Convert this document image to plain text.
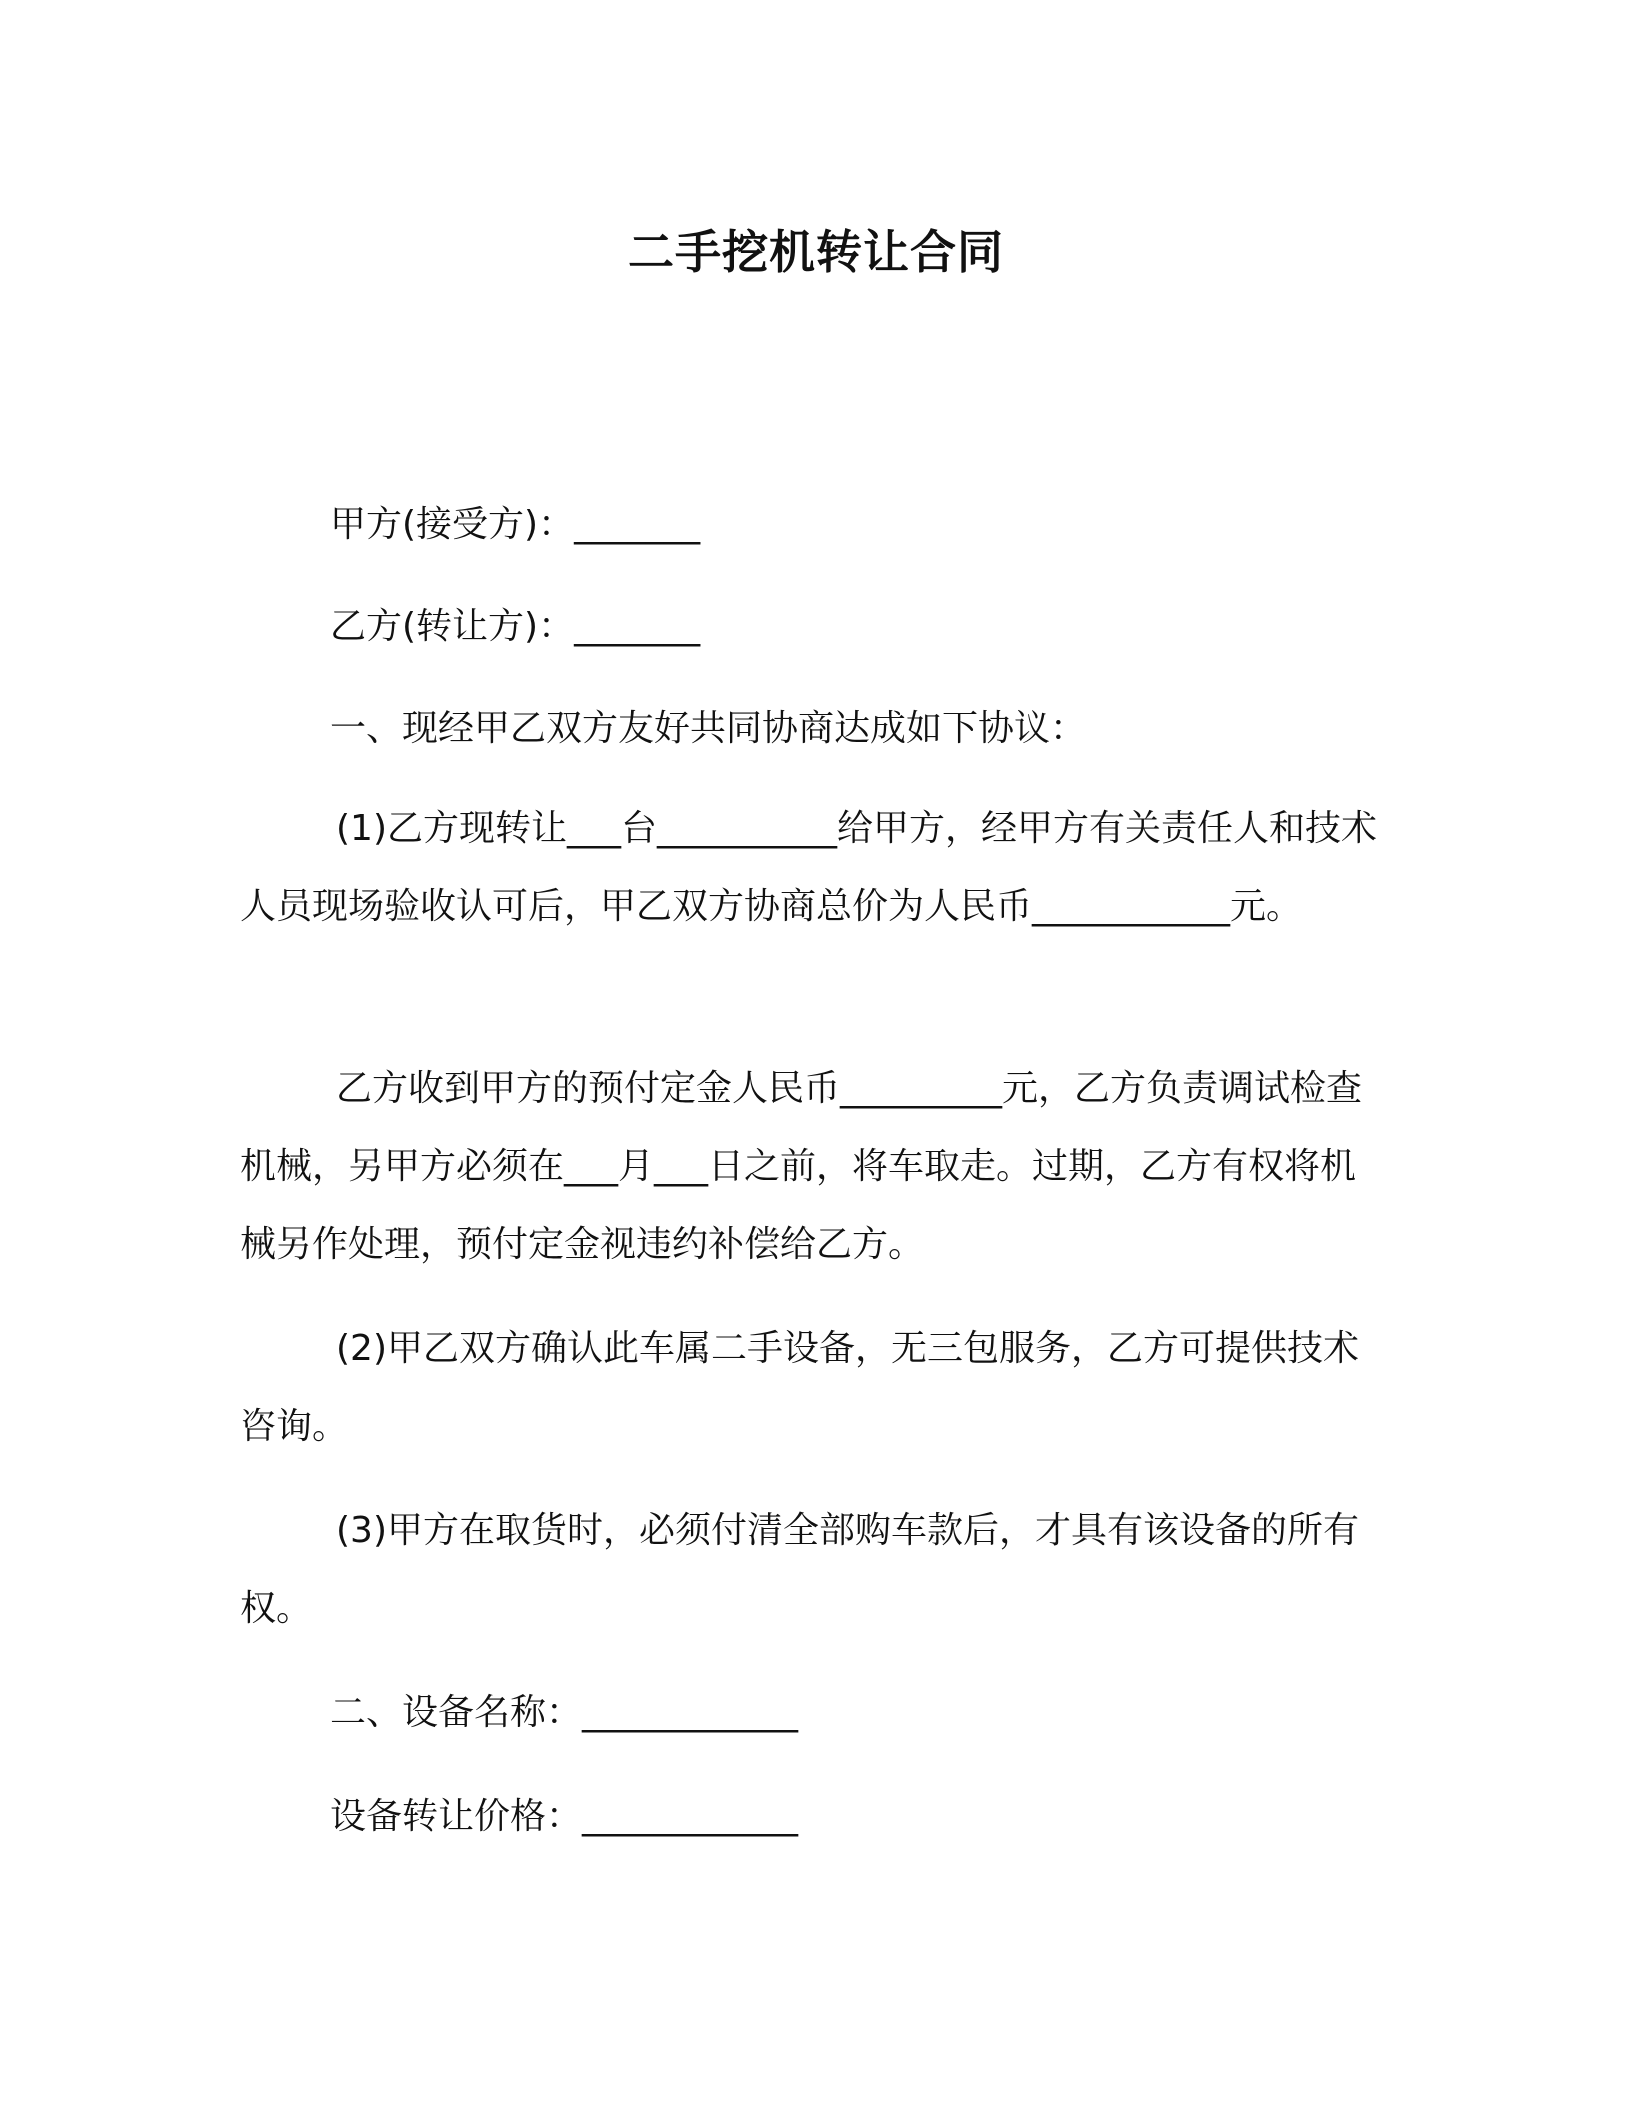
二手挖机转让合同

甲方(接受方)：_______

乙方(转让方)：_______

一、现经甲乙双方友好共同协商达成如下协议：

(1)乙方现转让___台__________给甲方，经甲方有关责任人和技术人员现场验收认可后，甲乙双方协商总价为人民币___________元。

乙方收到甲方的预付定金人民币_________元，乙方负责调试检查机械，另甲方必须在___月___日之前，将车取走。过期，乙方有权将机械另作处理，预付定金视违约补偿给乙方。

(2)甲乙双方确认此车属二手设备，无三包服务，乙方可提供技术咨询。

(3)甲方在取货时，必须付清全部购车款后，才具有该设备的所有权。

二、设备名称：____________

设备转让价格：____________
